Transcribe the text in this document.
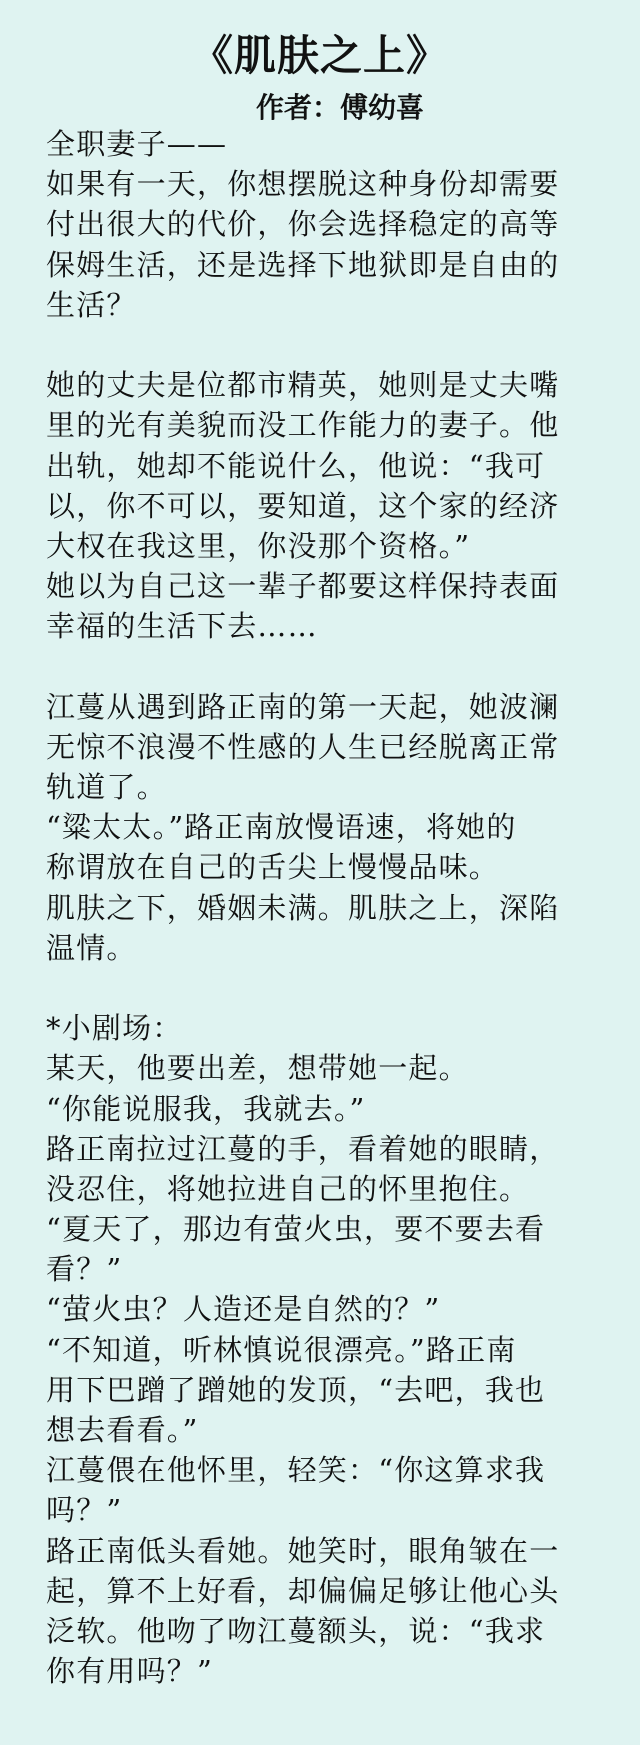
《肌肤之上》
作者：傅幼喜
全职妻子——
如果有一天，你想摆脱这种身份却需要
付出很大的代价，你会选择稳定的高等
保姆生活，还是选择下地狱即是自由的
生活？
她的丈夫是位都市精英，她则是丈夫嘴
里的光有美貌而没工作能力的妻子。他
出轨，她却不能说什么，他说：“我可
以，你不可以，要知道，这个家的经济
大权在我这里，你没那个资格。”
她以为自己这一辈子都要这样保持表面
幸福的生活下去……
江蔓从遇到路正南的第一天起，她波澜
无惊不浪漫不性感的人生已经脱离正常
轨道了。
“粱太太。”路正南放慢语速，将她的
称谓放在自己的舌尖上慢慢品味。
肌肤之下，婚姻未满。肌肤之上，深陷
温情。
*小剧场：
某天，他要出差，想带她一起。
“你能说服我，我就去。”
路正南拉过江蔓的手，看着她的眼睛，
没忍住，将她拉进自己的怀里抱住。
“夏天了，那边有萤火虫，要不要去看
看？”
“萤火虫？人造还是自然的？”
“不知道，听林慎说很漂亮。”路正南
用下巴蹭了蹭她的发顶，“去吧，我也
想去看看。”
江蔓偎在他怀里，轻笑：“你这算求我
吗？”
路正南低头看她。她笑时，眼角皱在一
起，算不上好看，却偏偏足够让他心头
泛软。他吻了吻江蔓额头，说：“我求
你有用吗？”
